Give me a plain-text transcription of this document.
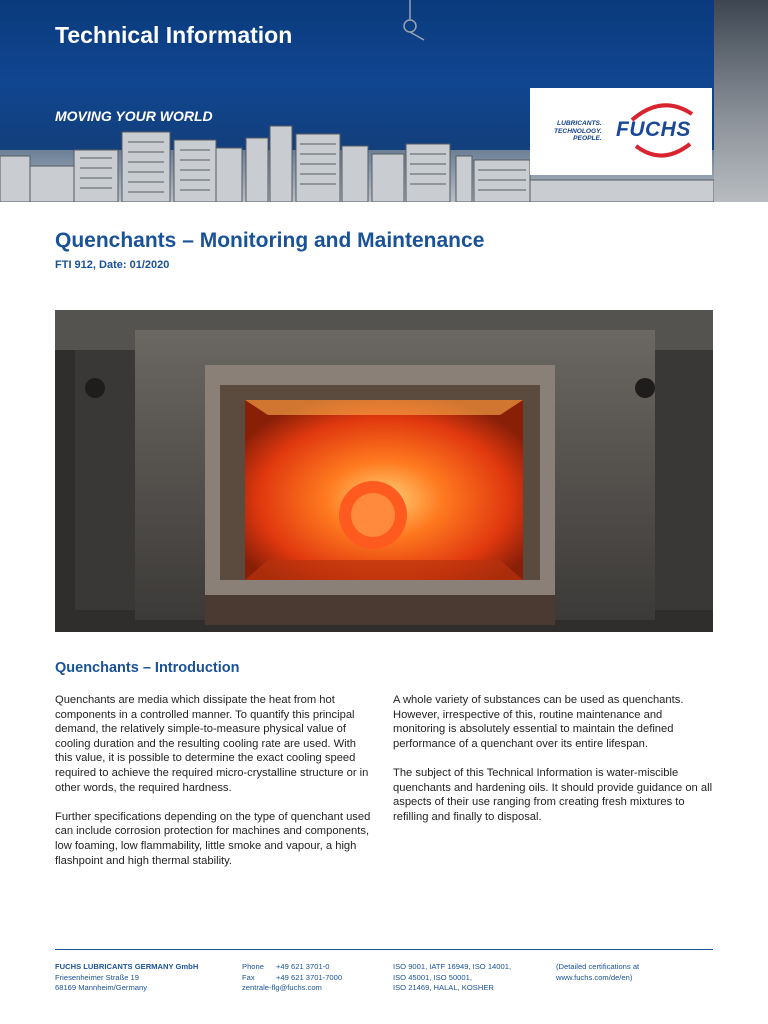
Technical Information
MOVING YOUR WORLD	LUBRICANTS.
TECHNOLOGY.
PEOPLE. FUCHS
Quenchants – Monitoring and Maintenance
FTI 912, Date: 01/2020
Quenchants – Introduction

Quenchants are media which dissipate the heat from hot components in a controlled manner. To quantify this principal demand, the relatively simple-to-measure physical value of cooling duration and the resulting cooling rate are used. With this value, it is possible to determine the exact cooling speed required to achieve the required micro-crystalline structure or in other words, the required hardness.

Further specifications depending on the type of quenchant used can include corrosion protection for machines and components, low foaming, low flammability, little smoke and vapour, a high flashpoint and high thermal stability.

A whole variety of substances can be used as quenchants. However, irrespective of this, routine maintenance and monitoring is absolutely essential to maintain the defined performance of a quenchant over its entire lifespan.

The subject of this Technical Information is water-miscible quenchants and hardening oils. It should provide guidance on all aspects of their use ranging from creating fresh mixtures to refilling and finally to disposal.

FUCHS LUBRICANTS GERMANY GmbH
Friesenheimer Straße 19
68169 Mannheim/Germany
Phone +49 621 3701-0
Fax	+49 621 3701-7000
zentrale-flg@fuchs.com
ISO 9001, IATF 16949, ISO 14001,
ISO 45001, ISO 50001,
ISO 21469, HALAL, KOSHER
(Detailed certifications at
www.fuchs.com/de/en)
